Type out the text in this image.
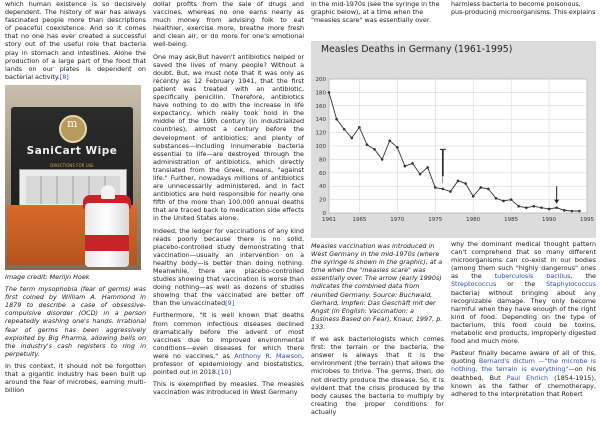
which human existence is so decisively dependent. The history of war has always fascinated people more than descriptions of peaceful coexistence. And so it comes that no one has ever created a successful story out of the useful role that bacteria play in stomach and intestines. Alone the production of a large part of the food that lands on our plates is dependent on bacterial activity.[8]

m
SaniCart Wipe
DIRECTIONS FOR USE

Image credit: Merlijn Hoek

The term mysophobia (fear of germs) was first coined by William A. Hammond in 1879 to describe a case of obsessive-compulsive disorder (OCD) in a person repeatedly washing one's hands. Irrational fear of germs has been aggressively exploited by Big Pharma, allowing bells on the industry's cash registers to ring in perpetuity.

In this context, it should not be forgotten that a gigantic industry has been built up around the fear of microbes, earning multi-billion

dollar profits from the sale of drugs and vaccines, whereas no one earns nearly as much money from advising folk to eat healthier, exercise more, breathe more fresh and clean air, or do more for one's emotional well-being.

One may ask,But haven't antibiotics helped or saved the lives of many people? Without a doubt. But, we must note that it was only as recently as 12 February 1941, that the first patient was treated with an antibiotic, specifically penicillin. Therefore, antibiotics have nothing to do with the increase in life expectancy, which really took hold in the middle of the 19th century (in industrialized countries), almost a century before the development of antibiotics; and plenty of substances—including innumerable bacteria essential to life—are destroyed through the administration of antibiotics, which directly translated from the Greek, means, "against life." Further, nowadays millions of antibiotics are unnecessarily administered, and in fact antibiotics are held responsible for nearly one fifth of the more than 100,000 annual deaths that are traced back to medication side effects in the United States alone.

Indeed, the ledger for vaccinations of any kind reads poorly because there is no solid, placebo-controlled study demonstrating that vaccination—usually an intervention on a healthy body—is better than doing nothing. Meanwhile, there are placebo-controlled studies showing that vaccination is worse than doing nothing—as well as dozens of studies showing that the vaccinated are better off than the unvaccinated[9]

Furthermore, "It is well known that deaths from common infectious diseases declined dramatically before the advent of most vaccines due to improved environmental conditions—even diseases for which there were no vaccines," as Anthony R. Mawson, professor of epidemiology and biostatistics, pointed out in 2018.[10]

This is exemplified by measles. The measles vaccination was introduced in West Germany

in the mid-1970s (see the syringe in the graphic below), at a time when the "measles scare" was essentially over.

harmless bacteria to become poisonous, pus-producing microorganisms. This explains

Measles Deaths in Germany (1961-1995)
0
20
40
60
80
100
120
140
160
180
200
1961	1965	1970	1975	1980	1985	1990	1995

Measles vaccination was introduced in West Germany in the mid-1970s (where the syringe is shown in the graphic), at a time when the "measles scare" was essentially over. The arrow (early 1990s) indicates the combined data from reunited Germany. Source: Buchwald, Gerhard, Impfen: Das Geschäft mit der Angst (in English: Vaccination: a Business Based on Fear), Knaur, 1997, p. 133.

If we ask bacteriologists which comes first: the terrain or the bacteria, the answer is always that it is the environment (the terrain) that allows the microbes to thrive. The germs, then, do not directly produce the disease. So, it is evident that the crisis produced by the body causes the bacteria to multiply by creating the proper conditions for actually

why the dominant medical thought pattern can't comprehend that so many different microorganisms can co-exist in our bodies (among them such "highly dangerous" ones as the tuberculosis bacillus, the Streptococcus or the Staphylococcus bacteria) without bringing about any recognizable damage. They only become harmful when they have enough of the right kind of food. Depending on the type of bacterium, this food could be toxins, metabolic end products, improperly digested food and much more.

Pasteur finally became aware of all of this, quoting Bernard's dictum —"the microbe is nothing, the terrain is everything"—on his deathbed. But Paul Ehrlich (1854-1915), known as the father of chemotherapy, adhered to the interpretation that Robert
